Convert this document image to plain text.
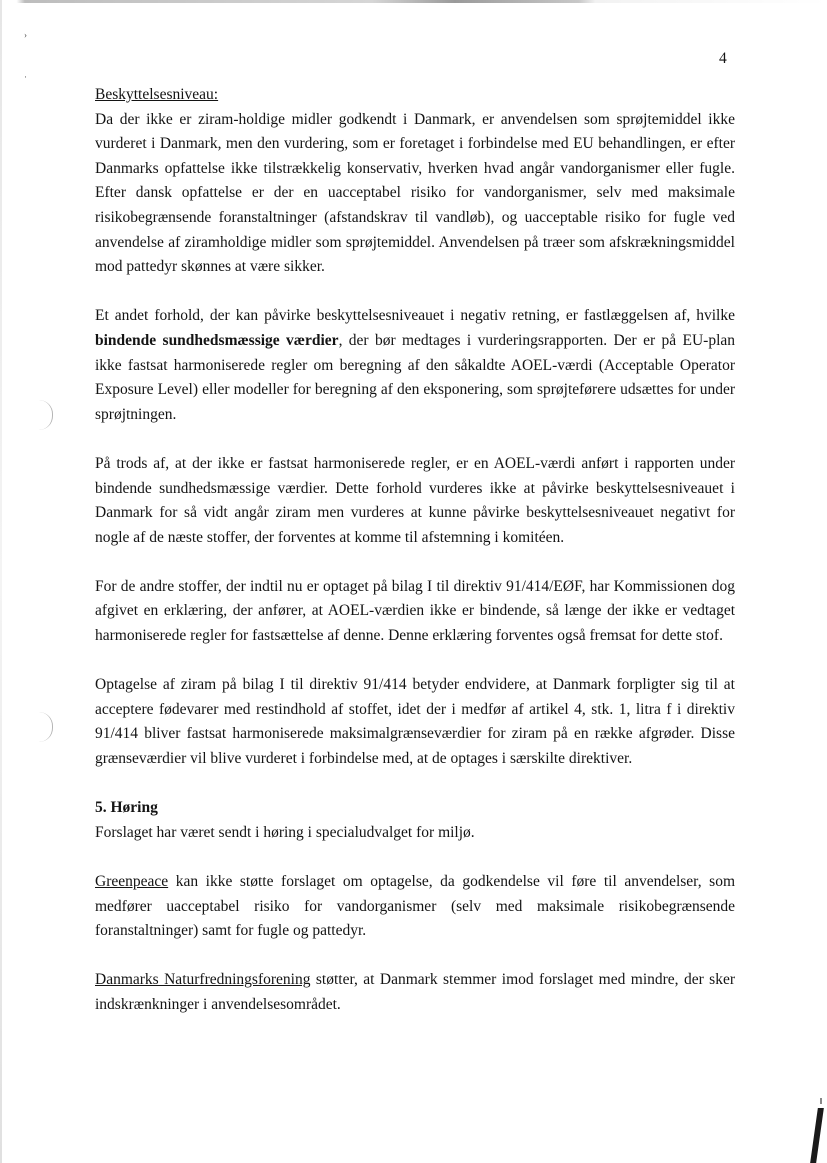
›
·
4

Beskyttelsesniveau:
Da der ikke er ziram-holdige midler godkendt i Danmark, er anvendelsen som sprøjtemiddel ikke vurderet i Danmark, men den vurdering, som er foretaget i forbindelse med EU behandlingen, er efter Danmarks opfattelse ikke tilstrækkelig konservativ, hverken hvad angår vandorganismer eller fugle. Efter dansk opfattelse er der en uacceptabel risiko for vandorganismer, selv med maksimale risikobegrænsende foranstaltninger (afstandskrav til vandløb), og uacceptable risiko for fugle ved anvendelse af ziramholdige midler som sprøjtemiddel. Anvendelsen på træer som afskrækningsmiddel mod pattedyr skønnes at være sikker.

Et andet forhold, der kan påvirke beskyttelsesniveauet i negativ retning, er fastlæggelsen af, hvilke bindende sundhedsmæssige værdier, der bør medtages i vurderingsrapporten. Der er på EU-plan ikke fastsat harmoniserede regler om beregning af den såkaldte AOEL-værdi (Acceptable Operator Exposure Level) eller modeller for beregning af den eksponering, som sprøjteførere udsættes for under sprøjtningen.

På trods af, at der ikke er fastsat harmoniserede regler, er en AOEL-værdi anført i rapporten under bindende sundhedsmæssige værdier. Dette forhold vurderes ikke at påvirke beskyttelsesniveauet i Danmark for så vidt angår ziram men vurderes at kunne påvirke beskyttelsesniveauet negativt for nogle af de næste stoffer, der forventes at komme til afstemning i komitéen.

For de andre stoffer, der indtil nu er optaget på bilag I til direktiv 91/414/EØF, har Kommissionen dog afgivet en erklæring, der anfører, at AOEL-værdien ikke er bindende, så længe der ikke er vedtaget harmoniserede regler for fastsættelse af denne. Denne erklæring forventes også fremsat for dette stof.

Optagelse af ziram på bilag I til direktiv 91/414 betyder endvidere, at Danmark forpligter sig til at acceptere fødevarer med restindhold af stoffet, idet der i medfør af artikel 4, stk. 1, litra f i direktiv 91/414 bliver fastsat harmoniserede maksimalgrænseværdier for ziram på en række afgrøder. Disse grænseværdier vil blive vurderet i forbindelse med, at de optages i særskilte direktiver.

5. Høring
Forslaget har været sendt i høring i specialudvalget for miljø.

Greenpeace kan ikke støtte forslaget om optagelse, da godkendelse vil føre til anvendelser, som medfører uacceptabel risiko for vandorganismer (selv med maksimale risikobegrænsende foranstaltninger) samt for fugle og pattedyr.

Danmarks Naturfredningsforening støtter, at Danmark stemmer imod forslaget med mindre, der sker indskrænkninger i anvendelsesområdet.
